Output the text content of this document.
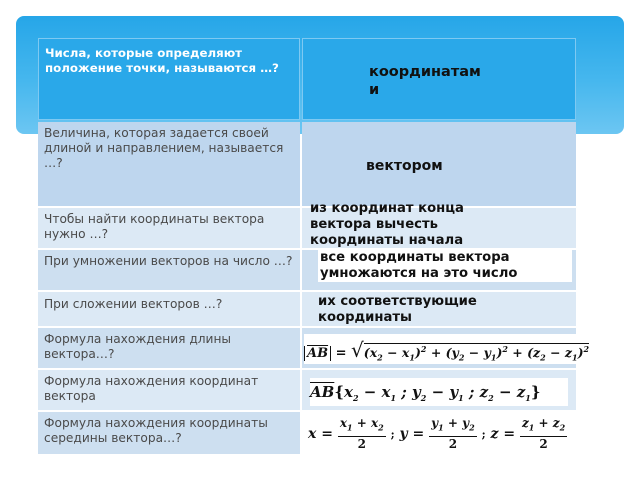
Числа, которые определяют положение точки, называются …?	координатам
и
Величина, которая задается своей длиной и направлением, называется …?	вектором
Чтобы найти координаты вектора нужно …?
При умножении векторов на число …?
При сложении векторов …?
из координат конца вектора вычесть координаты начала
все координаты вектора умножаются на это число
их соответствующие координаты
Формула нахождения длины вектора…?
Формула нахождения координат вектора
Формула нахождения координаты середины вектора…?
$\overline{AB} = √(x_2 - x_1)^2 + (y_2 - y_1)^2 + (z_2 - z_1)^2$
$\overline{AB}\{x_2 - x_1$ ; $y_2 - y_1$ ; $z_2 - z_1$}
$x = \frac{x_1 + x_2}{2}$ ; $y = \frac{y_1 + y_2}{2}$ ; $z = \frac{z_1 + z_2}{2}$
